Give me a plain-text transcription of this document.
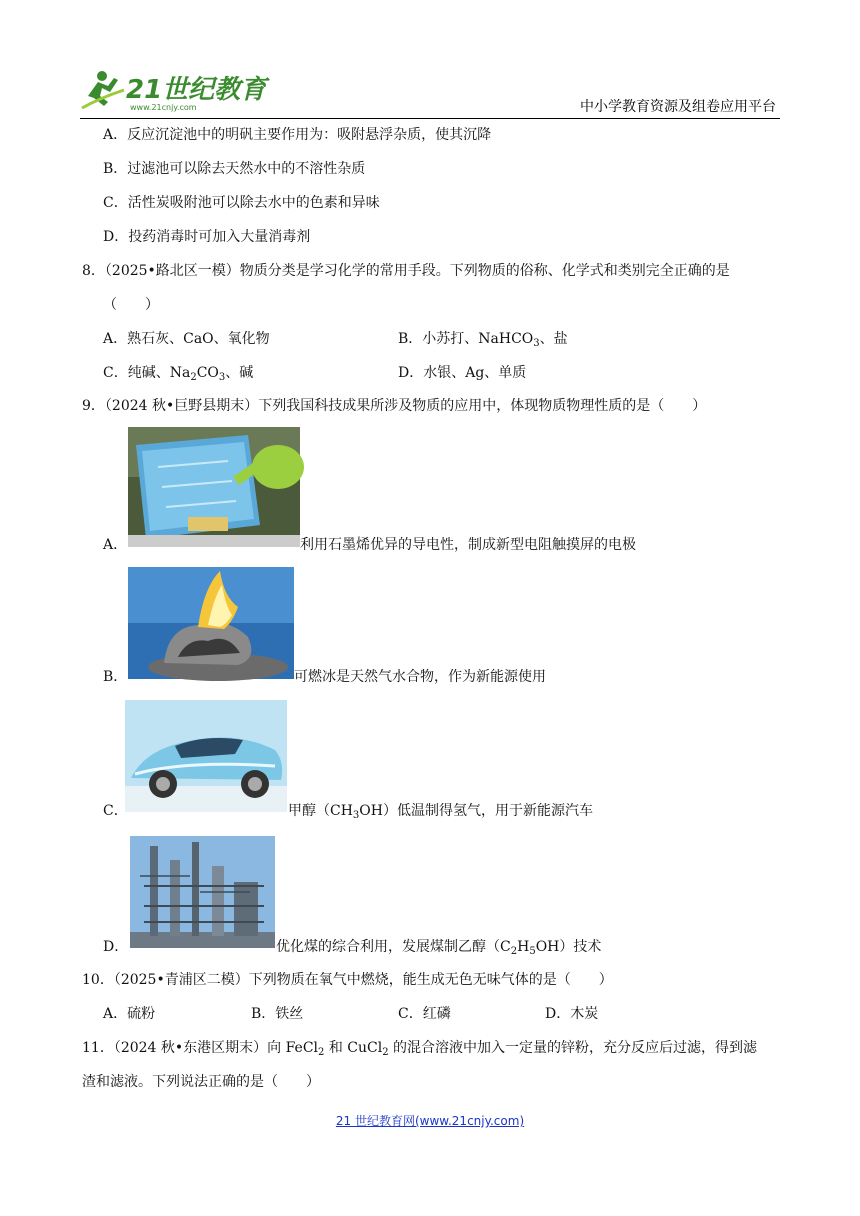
21世纪教育
www.21cnjy.com	中小学教育资源及组卷应用平台
A．反应沉淀池中的明矾主要作用为：吸附悬浮杂质，使其沉降
B．过滤池可以除去天然水中的不溶性杂质
C．活性炭吸附池可以除去水中的色素和异味
D．投药消毒时可加入大量消毒剂
8．（2025•路北区一模）物质分类是学习化学的常用手段。下列物质的俗称、化学式和类别完全正确的是
（　　）
A．熟石灰、CaO、氧化物	B．小苏打、NaHCO$_3$、盐
C．纯碱、$Na_2CO_3$、碱	D．水银、Ag、单质
9．（2024 秋•巨野县期末）下列我国科技成果所涉及物质的应用中，体现物质物理性质的是（　　）
A．	利用石墨烯优异的导电性，制成新型电阻触摸屏的电极
B．	可燃冰是天然气水合物，作为新能源使用
C．	甲醇$(CH_3OH)$低温制得氢气，用于新能源汽车
D．	优化煤的综合利用，发展煤制乙醇$(C_2H_5OH)$技术
10．（2025•青浦区二模）下列物质在氧气中燃烧，能生成无色无味气体的是（　　）
A．硫粉	B．铁丝	C．红磷	D．木炭
11．（2024 秋•东港区期末）向 FeCl$_2$ 和 CuCl$_2$ 的混合溶液中加入一定量的锌粉，充分反应后过滤，得到滤
渣和滤液。下列说法正确的是（　　）
21 世纪教育网(www.21cnjy.com)
